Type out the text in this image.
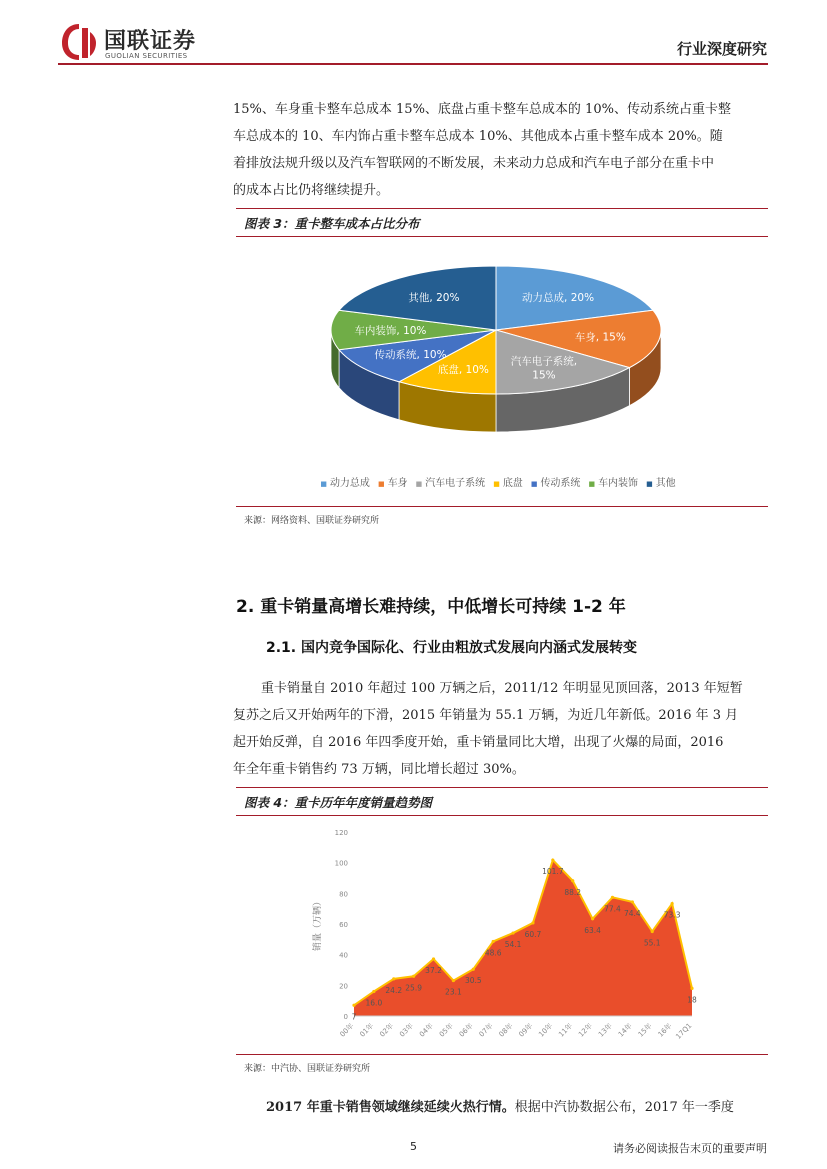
国联证券
GUOLIAN SECURITIES	行业深度研究

15%、车身重卡整车总成本 15%、底盘占重卡整车总成本的 10%、传动系统占重卡整

车总成本的 10、车内饰占重卡整车总成本 10%、其他成本占重卡整车成本 20%。随

着排放法规升级以及汽车智联网的不断发展，未来动力总成和汽车电子部分在重卡中

的成本占比仍将继续提升。

图表 3：重卡整车成本占比分布
动力总成, 20%
车身, 15%
汽车电子系统, 15%
底盘, 10%
传动系统, 10%
车内装饰, 10%
其他, 20%
■ 动力总成 ■ 车身 ■ 汽车电子系统 ■ 底盘 ■ 传动系统 ■ 车内装饰 ■ 其他
来源：网络资料、国联证券研究所
2. 重卡销量高增长难持续，中低增长可持续 1-2 年
2.1. 国内竞争国际化、行业由粗放式发展向内涵式发展转变

重卡销量自 2010 年超过 100 万辆之后，2011/12 年明显见顶回落，2013 年短暂

复苏之后又开始两年的下滑，2015 年销量为 55.1 万辆，为近几年新低。2016 年 3 月

起开始反弹，自 2016 年四季度开始，重卡销量同比大增，出现了火爆的局面，2016

年全年重卡销售约 73 万辆，同比增长超过 30%。

图表 4：重卡历年年度销量趋势图
0
20
40
60
80
100
120
销量（万辆）
7
16.0
24.2 25.9
37.2
23.1
30.5
48.6
54.1
60.7
101.7
88.2
63.4
77.4
74.4
55.1
73.3
18
00年 01年 02年 03年 04年 05年 06年 07年 08年 09年 10年 11年 12年 13年 14年 15年 16年 17Q1
来源：中汽协、国联证券研究所
2017 年重卡销售领域继续延续火热行情。根据中汽协数据公布，2017 年一季度
5	请务必阅读报告末页的重要声明
